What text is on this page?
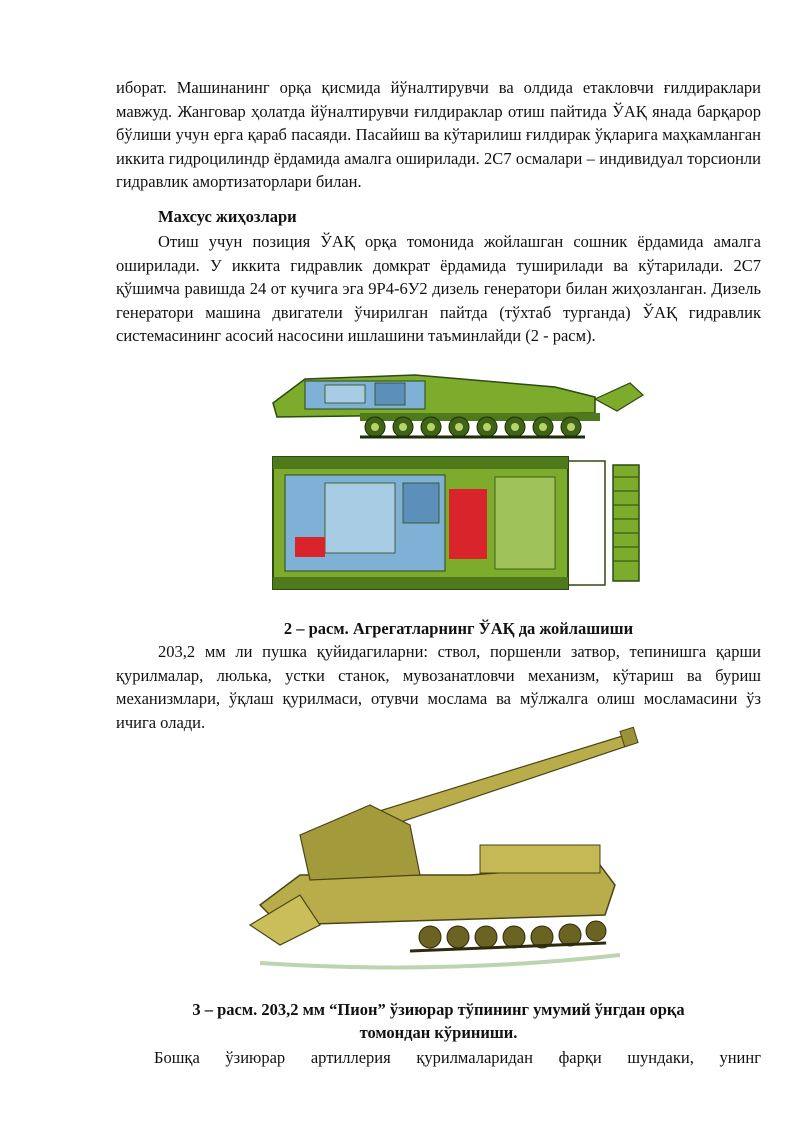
иборат. Машинанинг орқа қисмида йўналтирувчи ва олдида етакловчи ғилдираклари мавжуд. Жанговар ҳолатда йўналтирувчи ғилдираклар отиш пайтида ЎАҚ янада барқарор бўлиши учун ерга қараб пасаяди. Пасайиш ва кўтарилиш ғилдирак ўқларига маҳкамланган иккита гидроцилиндр ёрдамида амалга оширилади. 2С7 осмалари – индивидуал торсионли гидравлик амортизаторлари билан.

Махсус жиҳозлари

Отиш учун позиция ЎАҚ орқа томонида жойлашган сошник ёрдамида амалга оширилади. У иккита гидравлик домкрат ёрдамида туширилади ва кўтарилади. 2С7 қўшимча равишда 24 от кучига эга 9Р4-6У2 дизель генератори билан жиҳозланган. Дизель генератори машина двигатели ўчирилган пайтда (тўхтаб турганда) ЎАҚ гидравлик системасининг асосий насосини ишлашини таъминлайди (2 - расм).

2 – расм. Агрегатларнинг ЎАҚ да жойлашиши

203,2 мм ли пушка қуйидагиларни: ствол, поршенли затвор, тепинишга қарши қурилмалар, люлька, устки станок, мувозанатловчи механизм, кўтариш ва буриш механизмлари, ўқлаш қурилмаси, отувчи мослама ва мўлжалга олиш мосламасини ўз ичига олади.

3 – расм. 203,2 мм “Пион” ўзиюрар тўпининг умумий ўнгдан орқа

томондан кўриниши.

Бошқа ўзиюрар артиллерия қурилмаларидан фарқи шундаки, унинг
